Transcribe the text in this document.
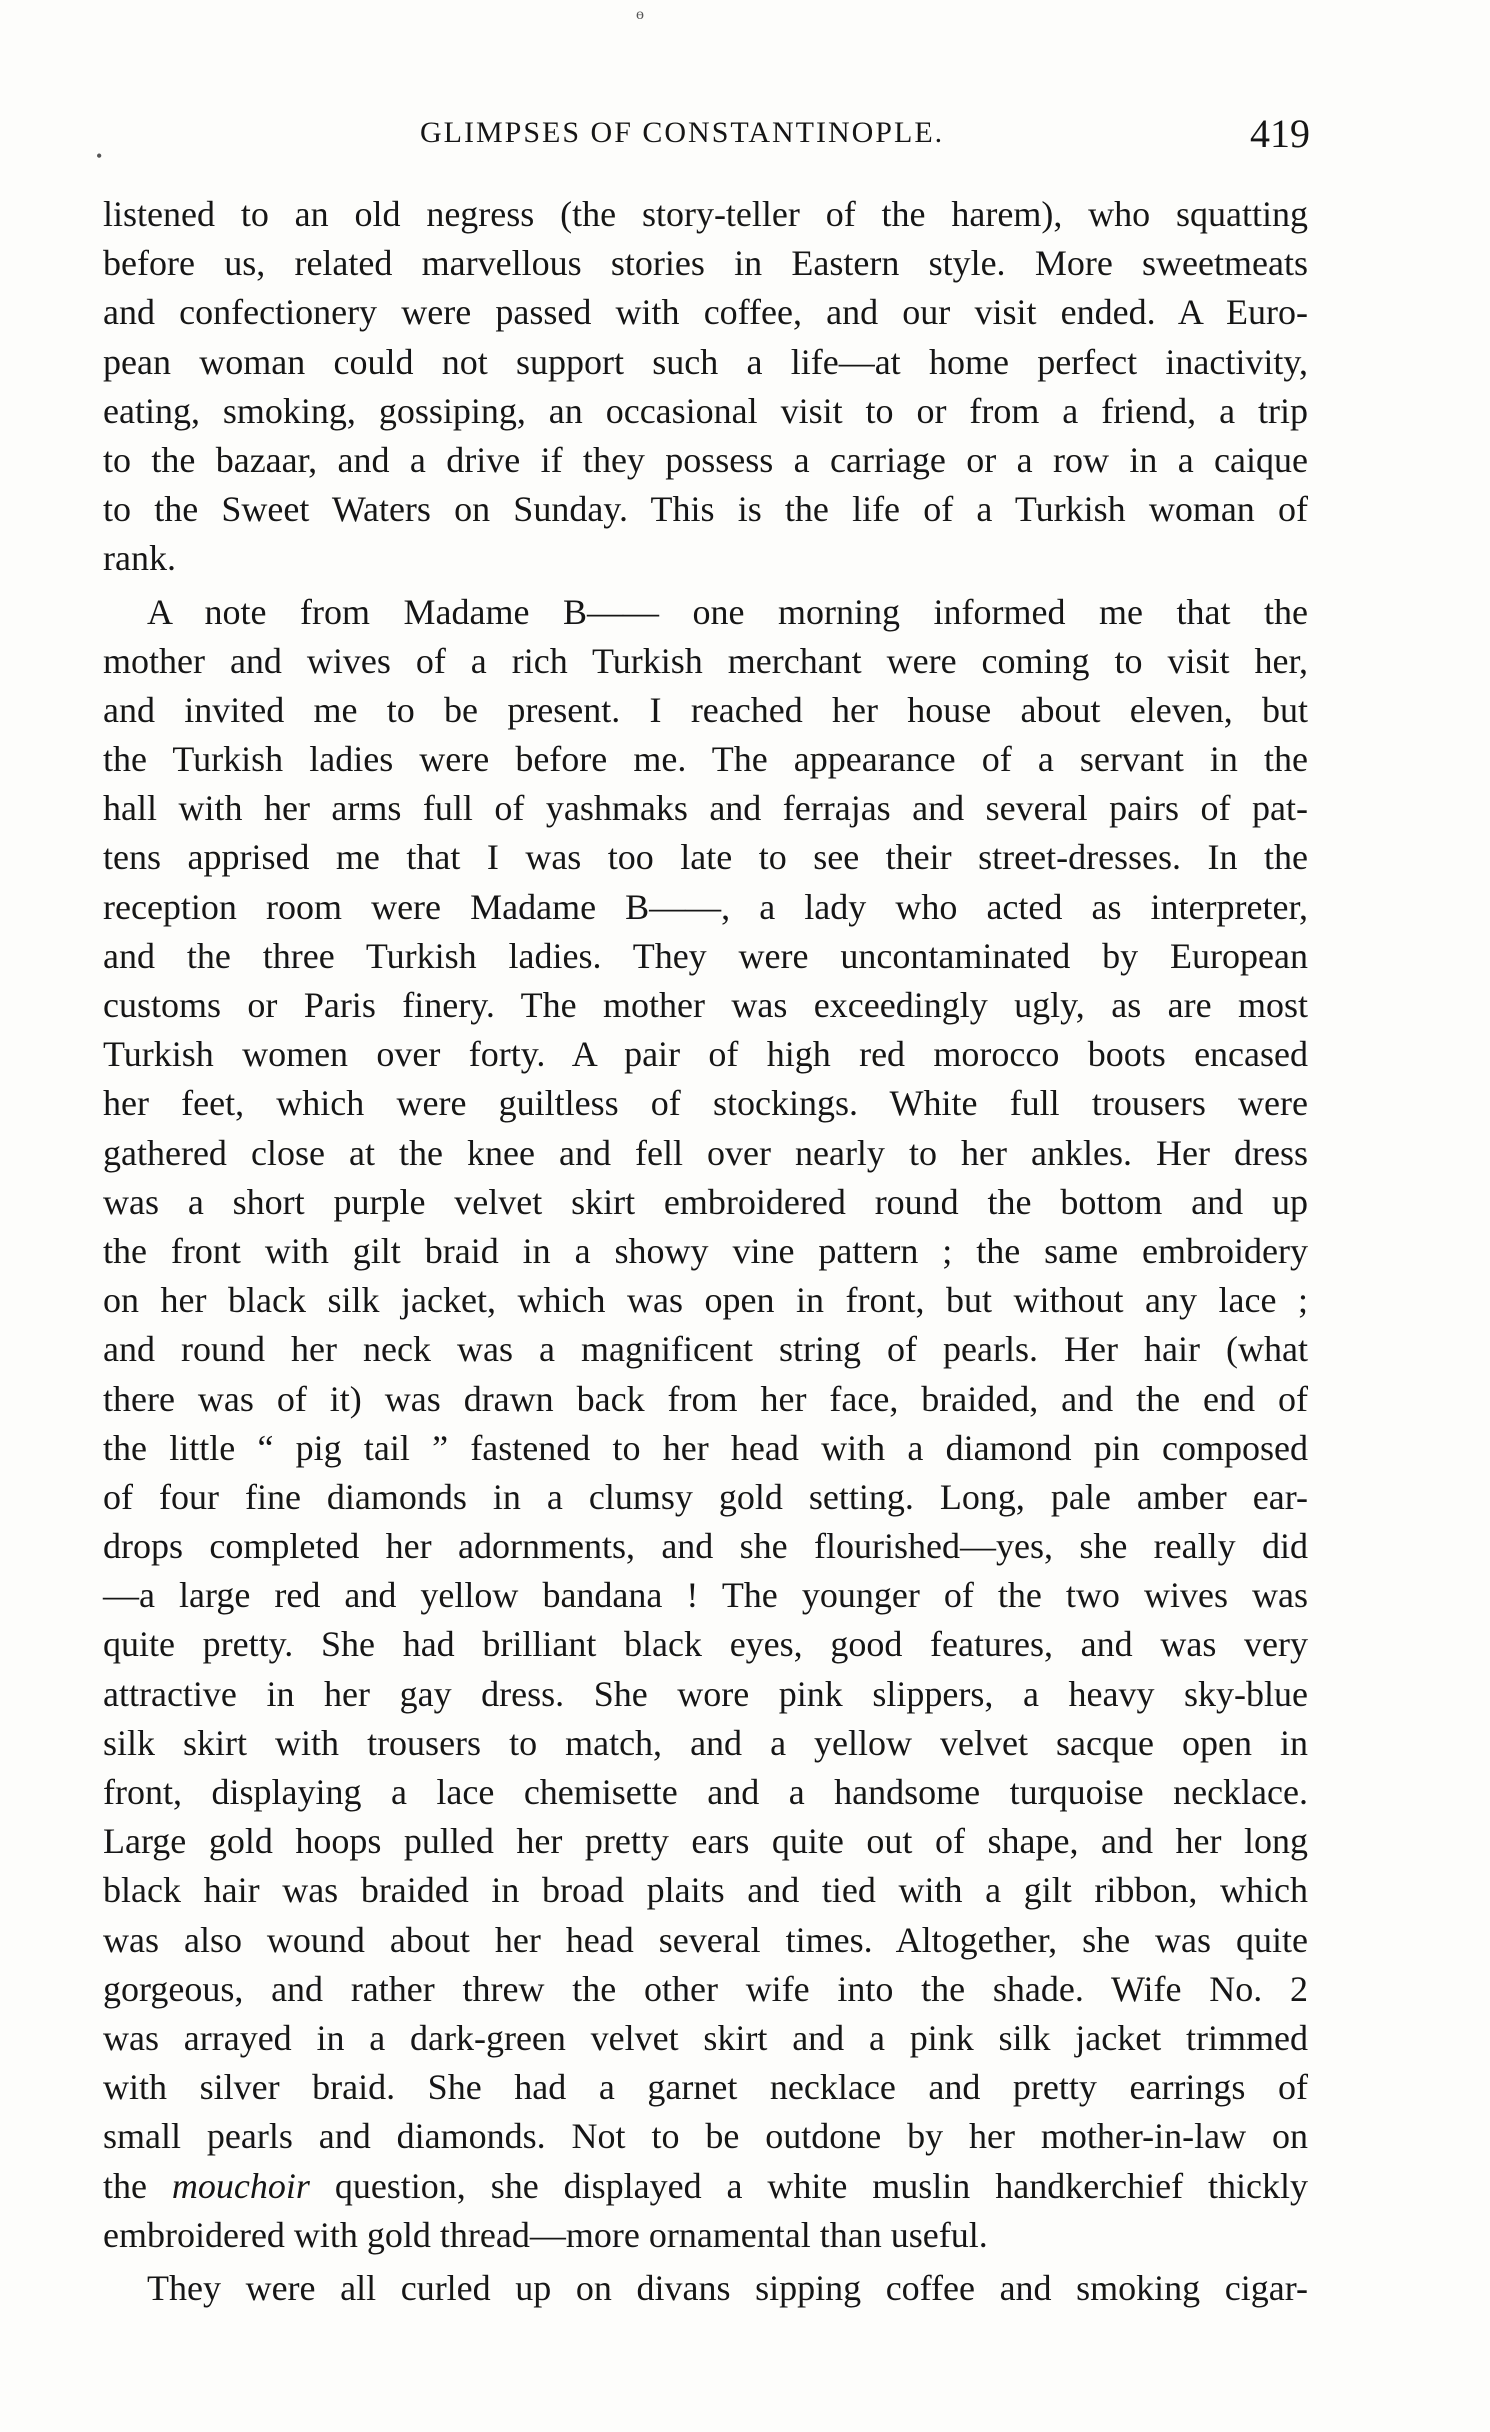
ɵ
•
GLIMPSES OF CONSTANTINOPLE.	419
listened to an old negress (the story-teller of the harem), who squatting
before us, related marvellous stories in Eastern style. More sweetmeats
and confectionery were passed with coffee, and our visit ended. A Euro-
pean woman could not support such a life—at home perfect inactivity,
eating, smoking, gossiping, an occasional visit to or from a friend, a trip
to the bazaar, and a drive if they possess a carriage or a row in a caique
to the Sweet Waters on Sunday. This is the life of a Turkish woman of
rank.
A note from Madame B—— one morning informed me that the
mother and wives of a rich Turkish merchant were coming to visit her,
and invited me to be present. I reached her house about eleven, but
the Turkish ladies were before me. The appearance of a servant in the
hall with her arms full of yashmaks and ferrajas and several pairs of pat-
tens apprised me that I was too late to see their street-dresses. In the
reception room were Madame B——, a lady who acted as interpreter,
and the three Turkish ladies. They were uncontaminated by European
customs or Paris finery. The mother was exceedingly ugly, as are most
Turkish women over forty. A pair of high red morocco boots encased
her feet, which were guiltless of stockings. White full trousers were
gathered close at the knee and fell over nearly to her ankles. Her dress
was a short purple velvet skirt embroidered round the bottom and up
the front with gilt braid in a showy vine pattern ; the same embroidery
on her black silk jacket, which was open in front, but without any lace ;
and round her neck was a magnificent string of pearls. Her hair (what
there was of it) was drawn back from her face, braided, and the end of
the little “ pig tail ” fastened to her head with a diamond pin composed
of four fine diamonds in a clumsy gold setting. Long, pale amber ear-
drops completed her adornments, and she flourished—yes, she really did
—a large red and yellow bandana ! The younger of the two wives was
quite pretty. She had brilliant black eyes, good features, and was very
attractive in her gay dress. She wore pink slippers, a heavy sky-blue
silk skirt with trousers to match, and a yellow velvet sacque open in
front, displaying a lace chemisette and a handsome turquoise necklace.
Large gold hoops pulled her pretty ears quite out of shape, and her long
black hair was braided in broad plaits and tied with a gilt ribbon, which
was also wound about her head several times. Altogether, she was quite
gorgeous, and rather threw the other wife into the shade. Wife No. 2
was arrayed in a dark-green velvet skirt and a pink silk jacket trimmed
with silver braid. She had a garnet necklace and pretty earrings of
small pearls and diamonds. Not to be outdone by her mother-in-law on
the mouchoir question, she displayed a white muslin handkerchief thickly
embroidered with gold thread—more ornamental than useful.
They were all curled up on divans sipping coffee and smoking cigar-
